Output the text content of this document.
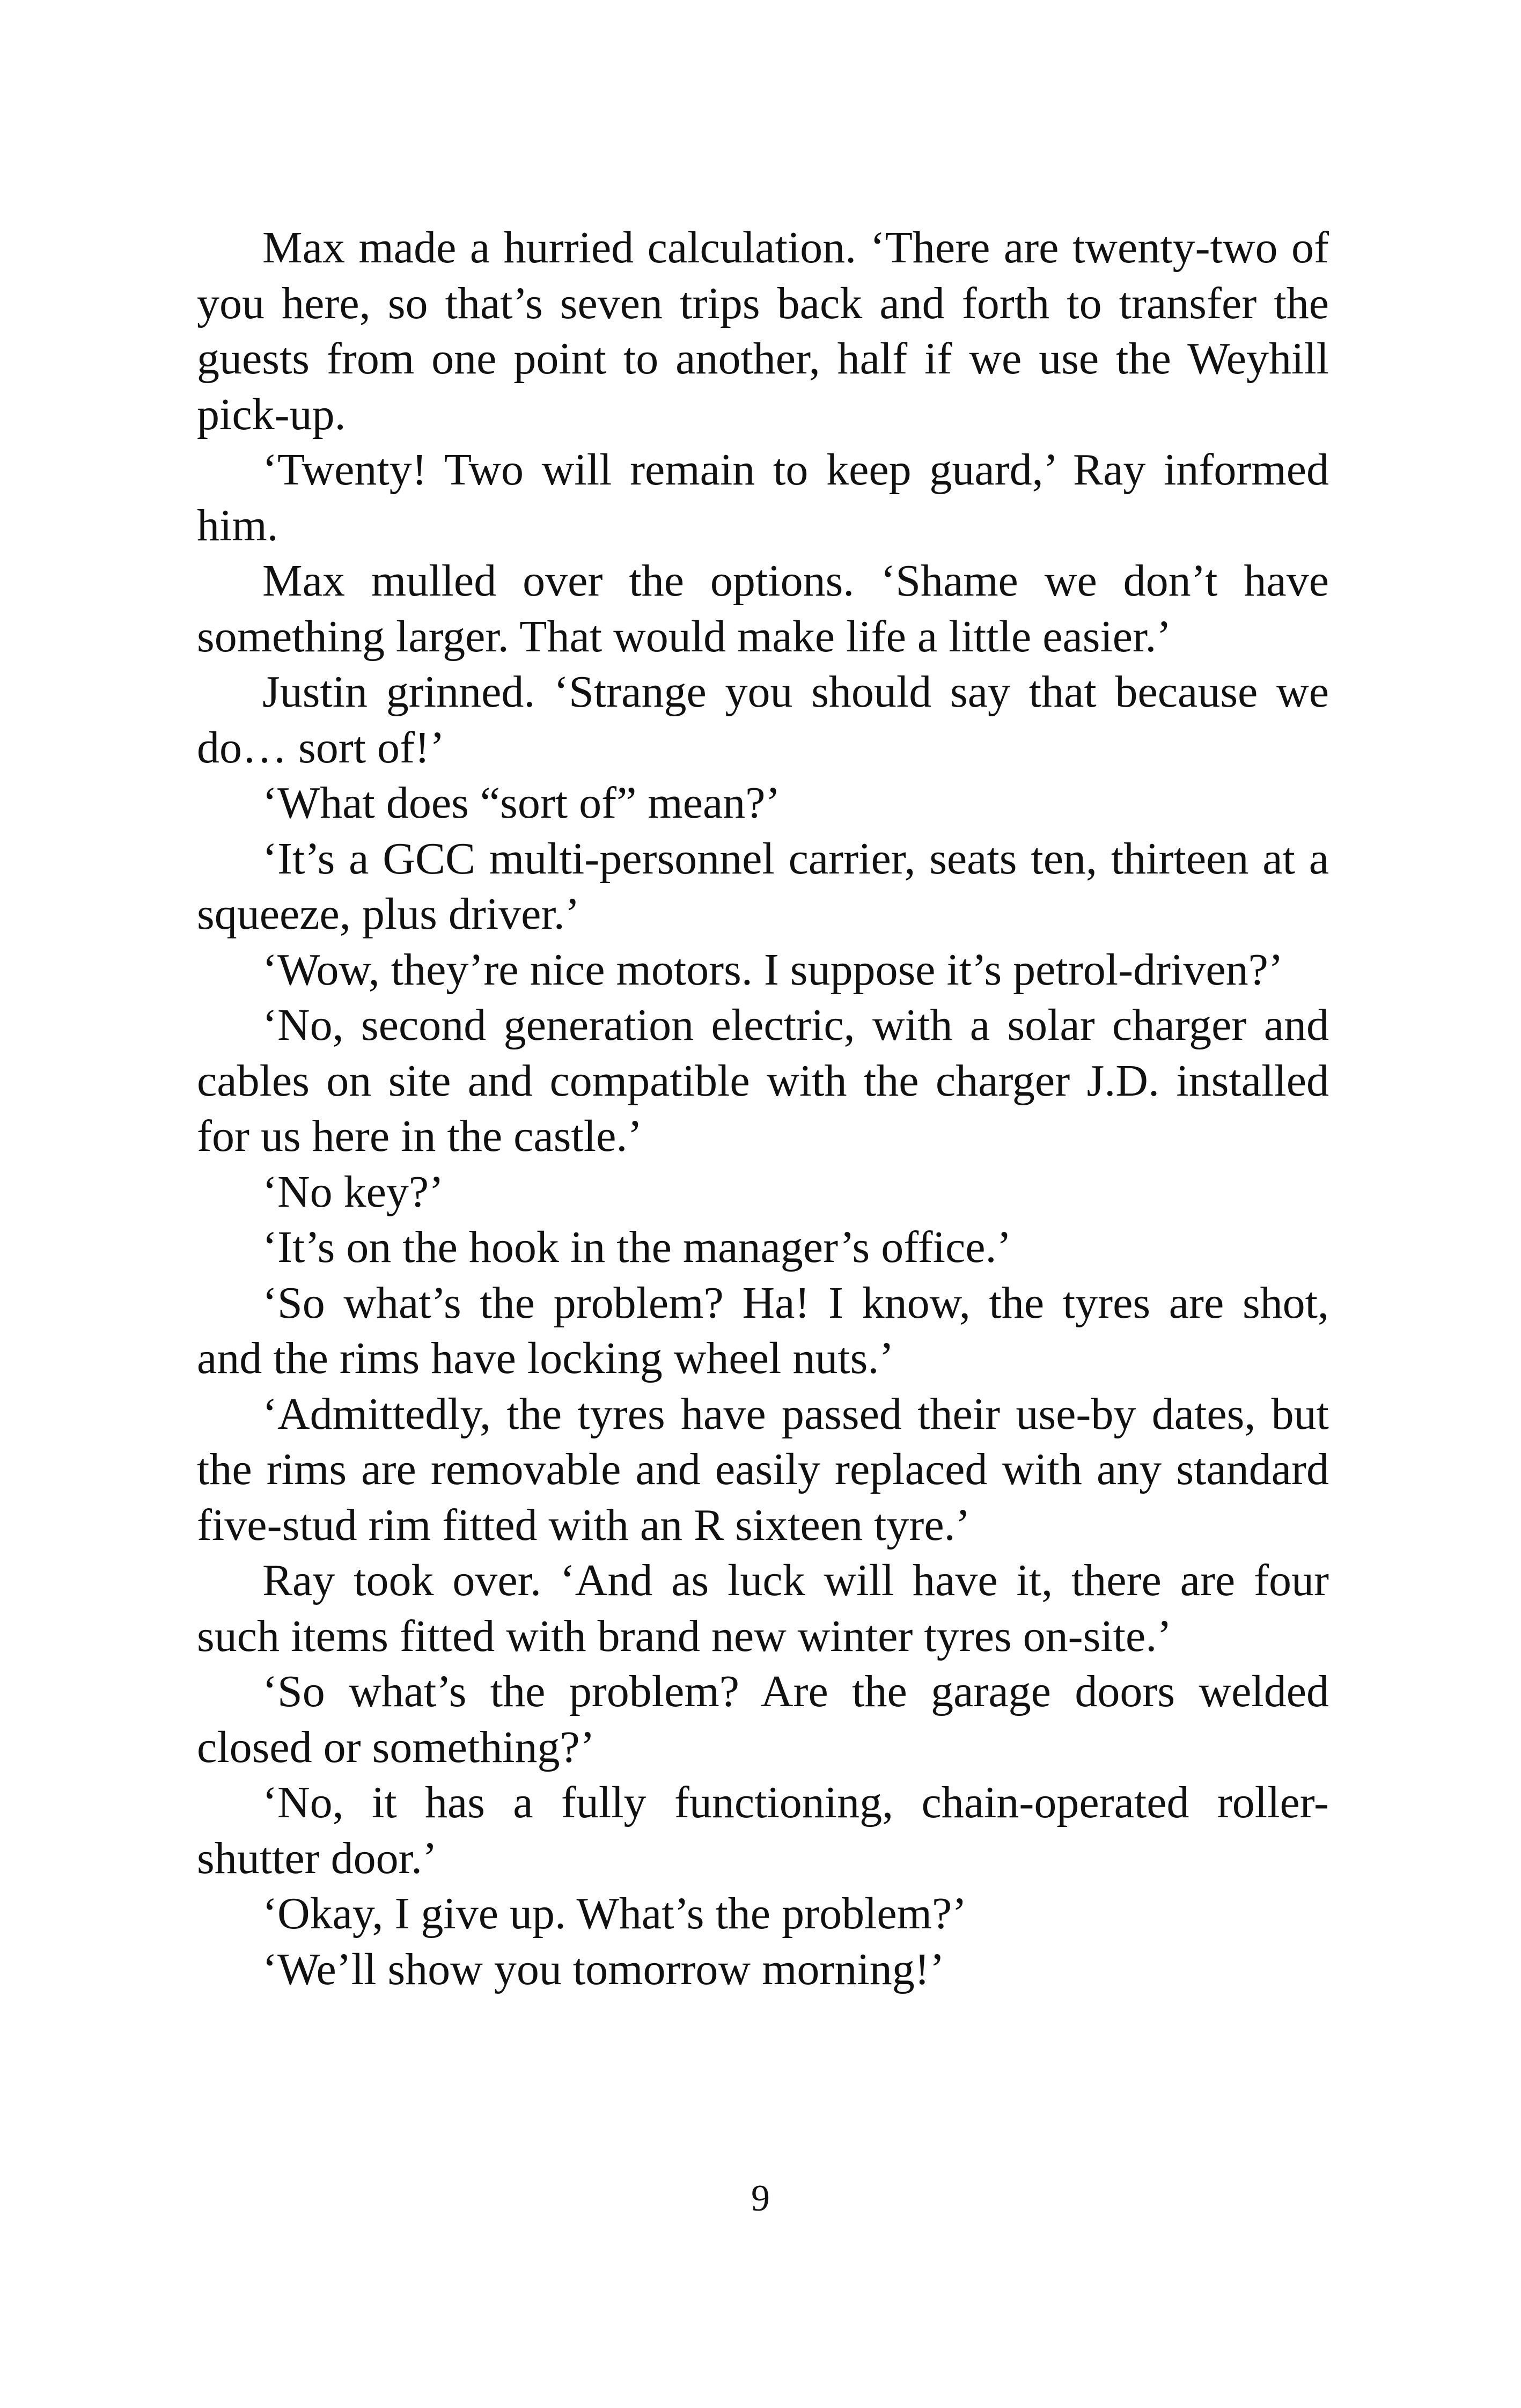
Max made a hurried calculation. ‘There are twenty-two of you here, so that’s seven trips back and forth to transfer the guests from one point to another, half if we use the Weyhill pick-up.

‘Twenty! Two will remain to keep guard,’ Ray informed him.

Max mulled over the options. ‘Shame we don’t have something larger. That would make life a little easier.’

Justin grinned. ‘Strange you should say that because we do… sort of!’

‘What does “sort of” mean?’

‘It’s a GCC multi-personnel carrier, seats ten, thirteen at a squeeze, plus driver.’

‘Wow, they’re nice motors. I suppose it’s petrol-driven?’

‘No, second generation electric, with a solar charger and cables on site and compatible with the charger J.D. installed for us here in the castle.’

‘No key?’

‘It’s on the hook in the manager’s office.’

‘So what’s the problem? Ha! I know, the tyres are shot, and the rims have locking wheel nuts.’

‘Admittedly, the tyres have passed their use-by dates, but the rims are removable and easily replaced with any standard five-stud rim fitted with an R sixteen tyre.’

Ray took over. ‘And as luck will have it, there are four such items fitted with brand new winter tyres on-site.’

‘So what’s the problem? Are the garage doors welded closed or something?’

‘No, it has a fully functioning, chain-operated roller-shutter door.’

‘Okay, I give up. What’s the problem?’

‘We’ll show you tomorrow morning!’

9
